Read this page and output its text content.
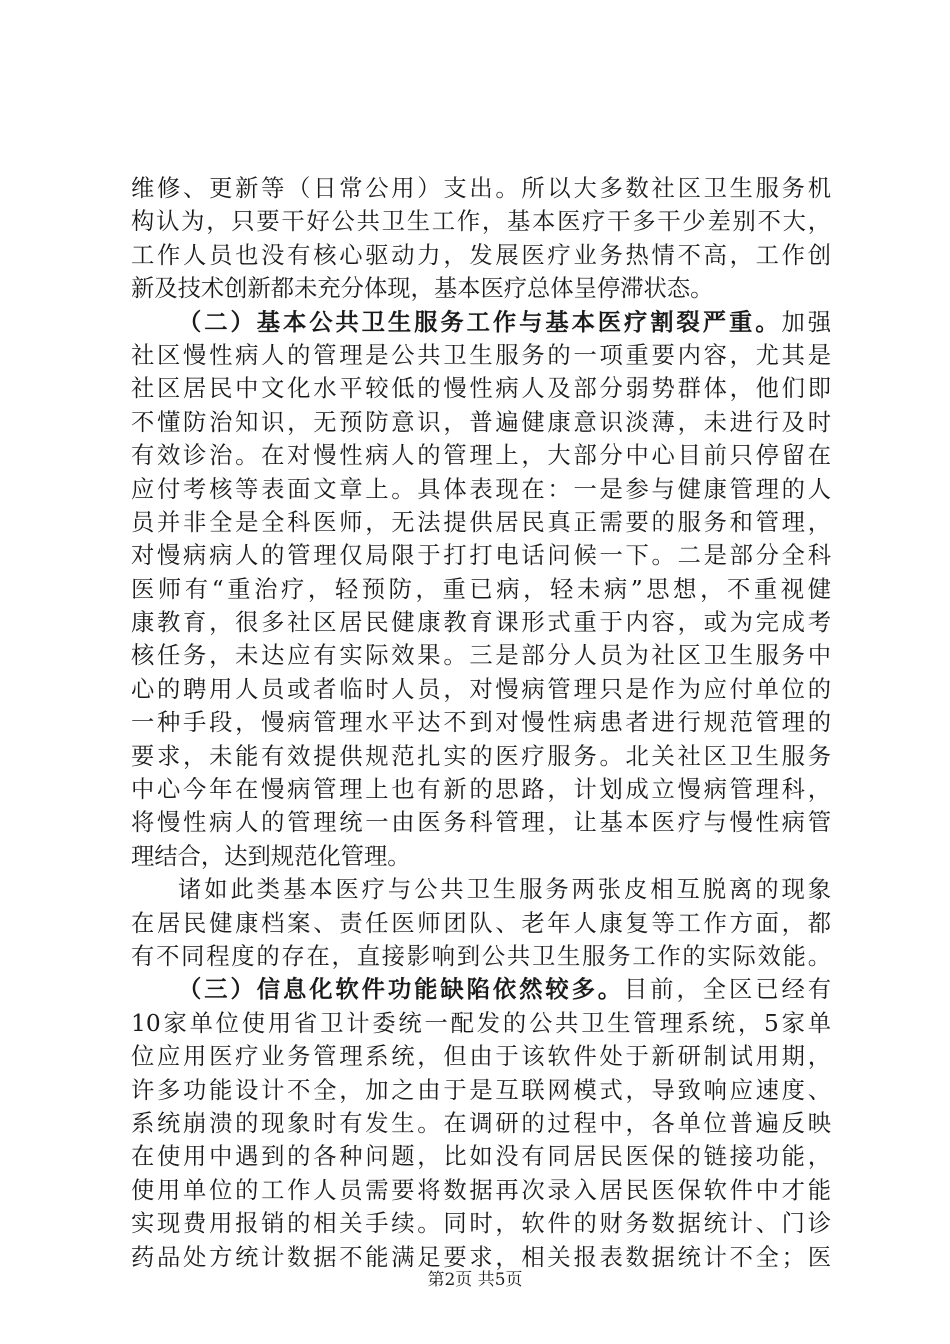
维修、更新等（日常公用）支出。所以大多数社区卫生服务机
构认为，只要干好公共卫生工作，基本医疗干多干少差别不大，
工作人员也没有核心驱动力，发展医疗业务热情不高，工作创
新及技术创新都未充分体现，基本医疗总体呈停滞状态。
（二）基本公共卫生服务工作与基本医疗割裂严重。加强
社区慢性病人的管理是公共卫生服务的一项重要内容，尤其是
社区居民中文化水平较低的慢性病人及部分弱势群体，他们即
不懂防治知识，无预防意识，普遍健康意识淡薄，未进行及时
有效诊治。在对慢性病人的管理上，大部分中心目前只停留在
应付考核等表面文章上。具体表现在：一是参与健康管理的人
员并非全是全科医师，无法提供居民真正需要的服务和管理，
对慢病病人的管理仅局限于打打电话问候一下。二是部分全科
医师有“重治疗，轻预防，重已病，轻未病”思想，不重视健
康教育，很多社区居民健康教育课形式重于内容，或为完成考
核任务，未达应有实际效果。三是部分人员为社区卫生服务中
心的聘用人员或者临时人员，对慢病管理只是作为应付单位的
一种手段，慢病管理水平达不到对慢性病患者进行规范管理的
要求，未能有效提供规范扎实的医疗服务。北关社区卫生服务
中心今年在慢病管理上也有新的思路，计划成立慢病管理科，
将慢性病人的管理统一由医务科管理，让基本医疗与慢性病管
理结合，达到规范化管理。
诸如此类基本医疗与公共卫生服务两张皮相互脱离的现象
在居民健康档案、责任医师团队、老年人康复等工作方面，都
有不同程度的存在，直接影响到公共卫生服务工作的实际效能。
（三）信息化软件功能缺陷依然较多。目前，全区已经有
10家单位使用省卫计委统一配发的公共卫生管理系统，5家单
位应用医疗业务管理系统，但由于该软件处于新研制试用期，
许多功能设计不全，加之由于是互联网模式，导致响应速度、
系统崩溃的现象时有发生。在调研的过程中，各单位普遍反映
在使用中遇到的各种问题，比如没有同居民医保的链接功能，
使用单位的工作人员需要将数据再次录入居民医保软件中才能
实现费用报销的相关手续。同时，软件的财务数据统计、门诊
药品处方统计数据不能满足要求，相关报表数据统计不全；医
第2页 共5页
